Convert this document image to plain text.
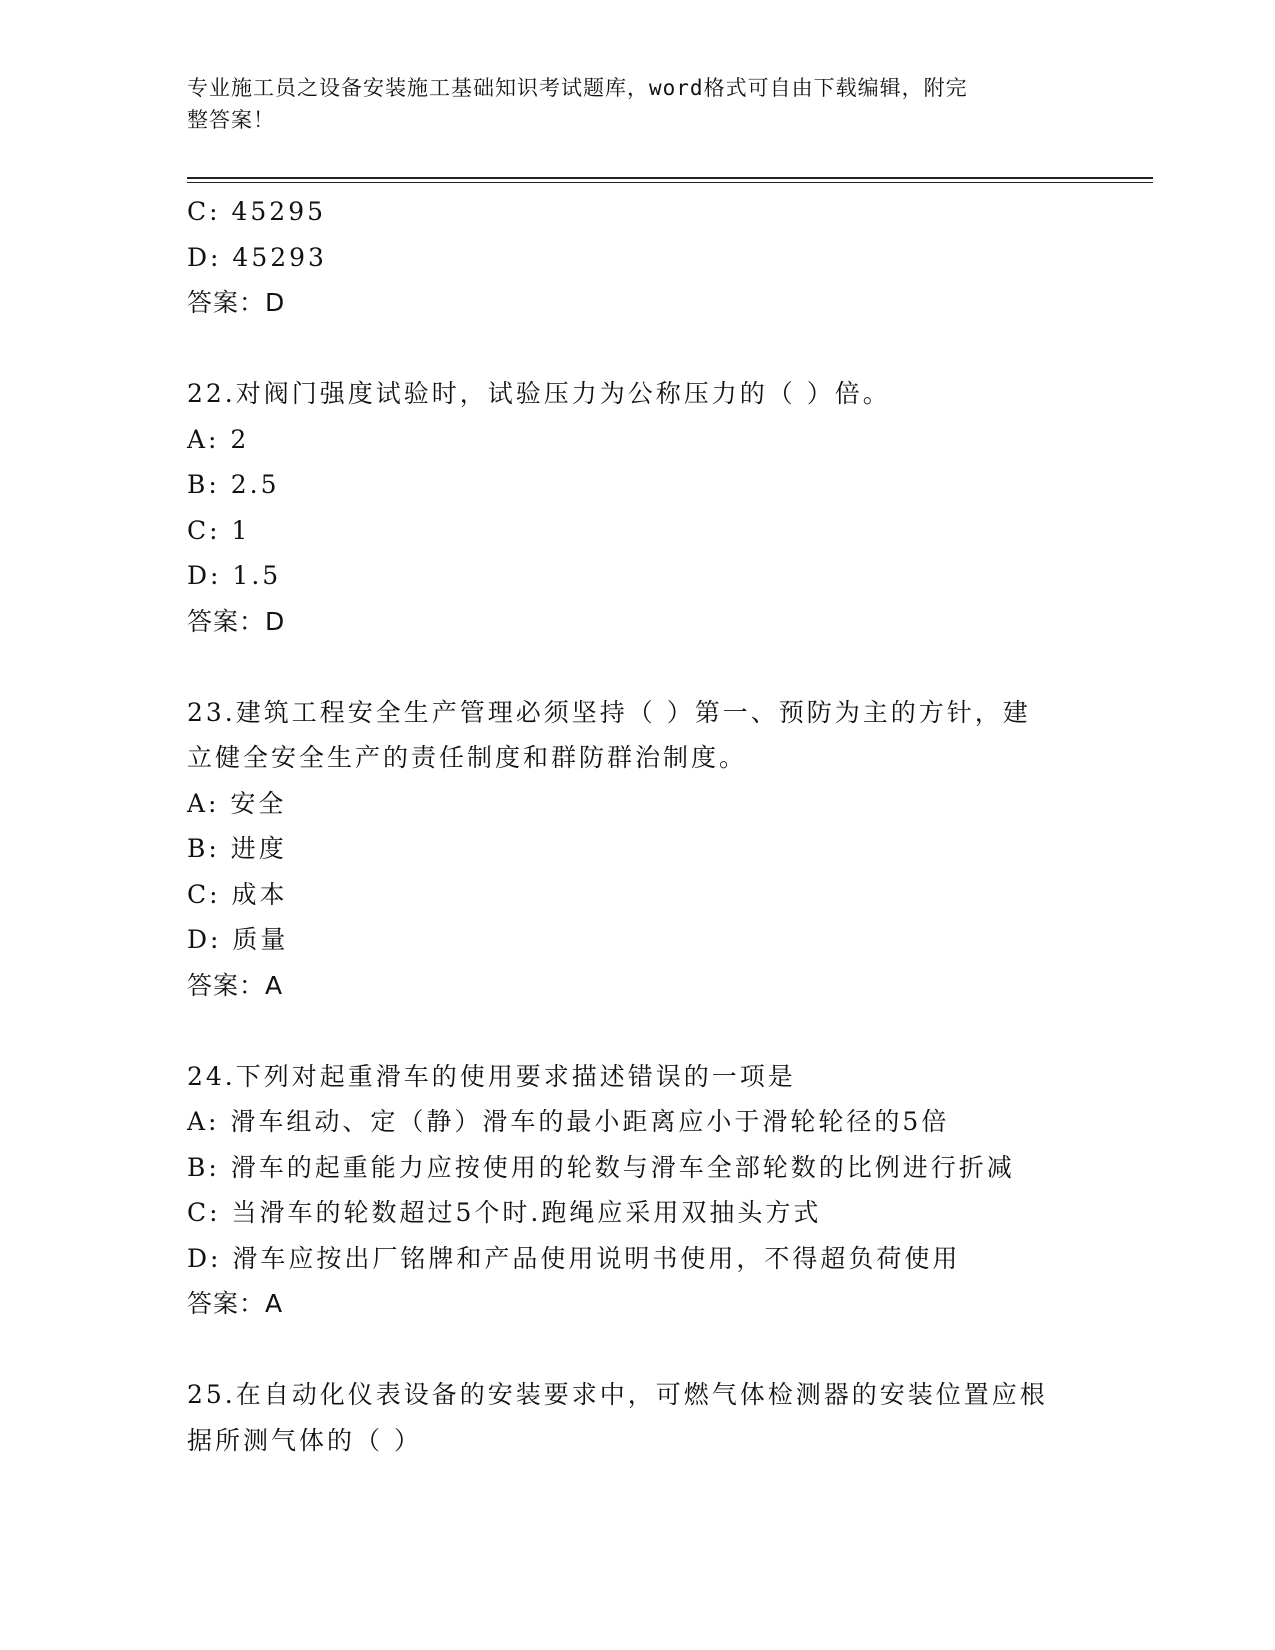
专业施工员之设备安装施工基础知识考试题库，word格式可自由下载编辑，附完
整答案！
C: 45295
D: 45293
答案：D
22.对阀门强度试验时，试验压力为公称压力的（ ）倍。
A: 2
B: 2.5
C: 1
D: 1.5
答案：D
23.建筑工程安全生产管理必须坚持（ ）第一、预防为主的方针，建
立健全安全生产的责任制度和群防群治制度。
A: 安全
B: 进度
C: 成本
D: 质量
答案：A
24.下列对起重滑车的使用要求描述错误的一项是
A: 滑车组动、定（静）滑车的最小距离应小于滑轮轮径的5倍
B: 滑车的起重能力应按使用的轮数与滑车全部轮数的比例进行折减
C: 当滑车的轮数超过5个时.跑绳应采用双抽头方式
D: 滑车应按出厂铭牌和产品使用说明书使用，不得超负荷使用
答案：A
25.在自动化仪表设备的安装要求中，可燃气体检测器的安装位置应根
据所测气体的（ ）
